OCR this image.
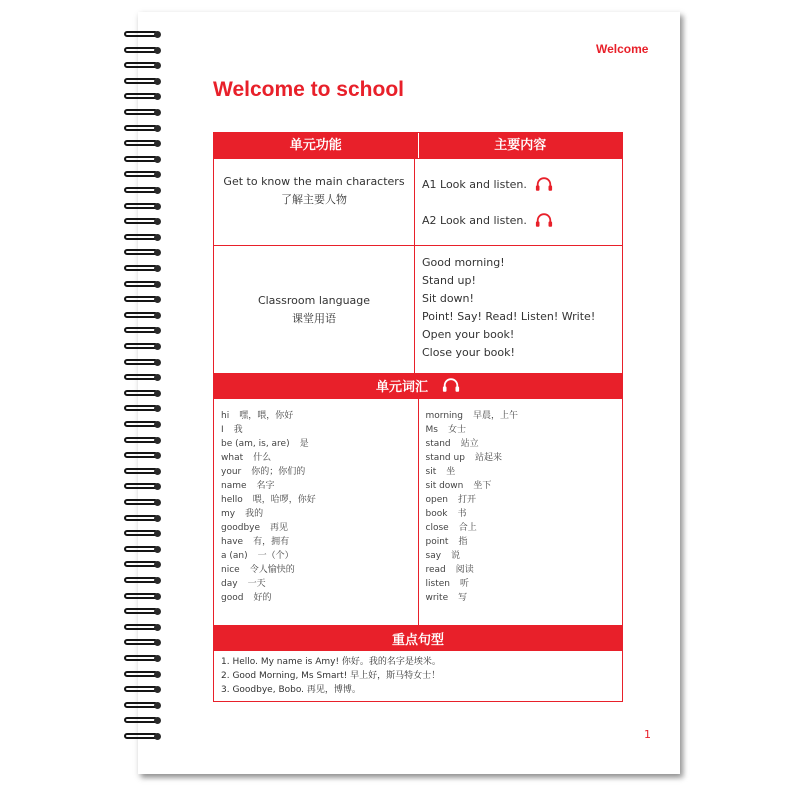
Welcome
Welcome to school
单元功能	主要内容
Get to know the main characters
了解主要人物
A1 Look and listen.
A2 Look and listen.
Classroom language
课堂用语
Good morning!
Stand up!
Sit down!
Point! Say! Read! Listen! Write!
Open your book!
Close your book!
单元词汇
hi 嘿，喂，你好
I 我
be (am, is, are) 是
what 什么
your 你的；你们的
name 名字
hello 喂，哈啰，你好
my 我的
goodbye 再见
have 有，拥有
a (an) 一（个）
nice 令人愉快的
day 一天
good 好的
morning 早晨，上午
Ms 女士
stand 站立
stand up 站起来
sit 坐
sit down 坐下
open 打开
book 书
close 合上
point 指
say 说
read 阅读
listen 听
write 写
重点句型
1. Hello. My name is Amy! 你好。我的名字是埃米。
2. Good Morning, Ms Smart! 早上好，斯马特女士！
3. Goodbye, Bobo. 再见，博博。
1
